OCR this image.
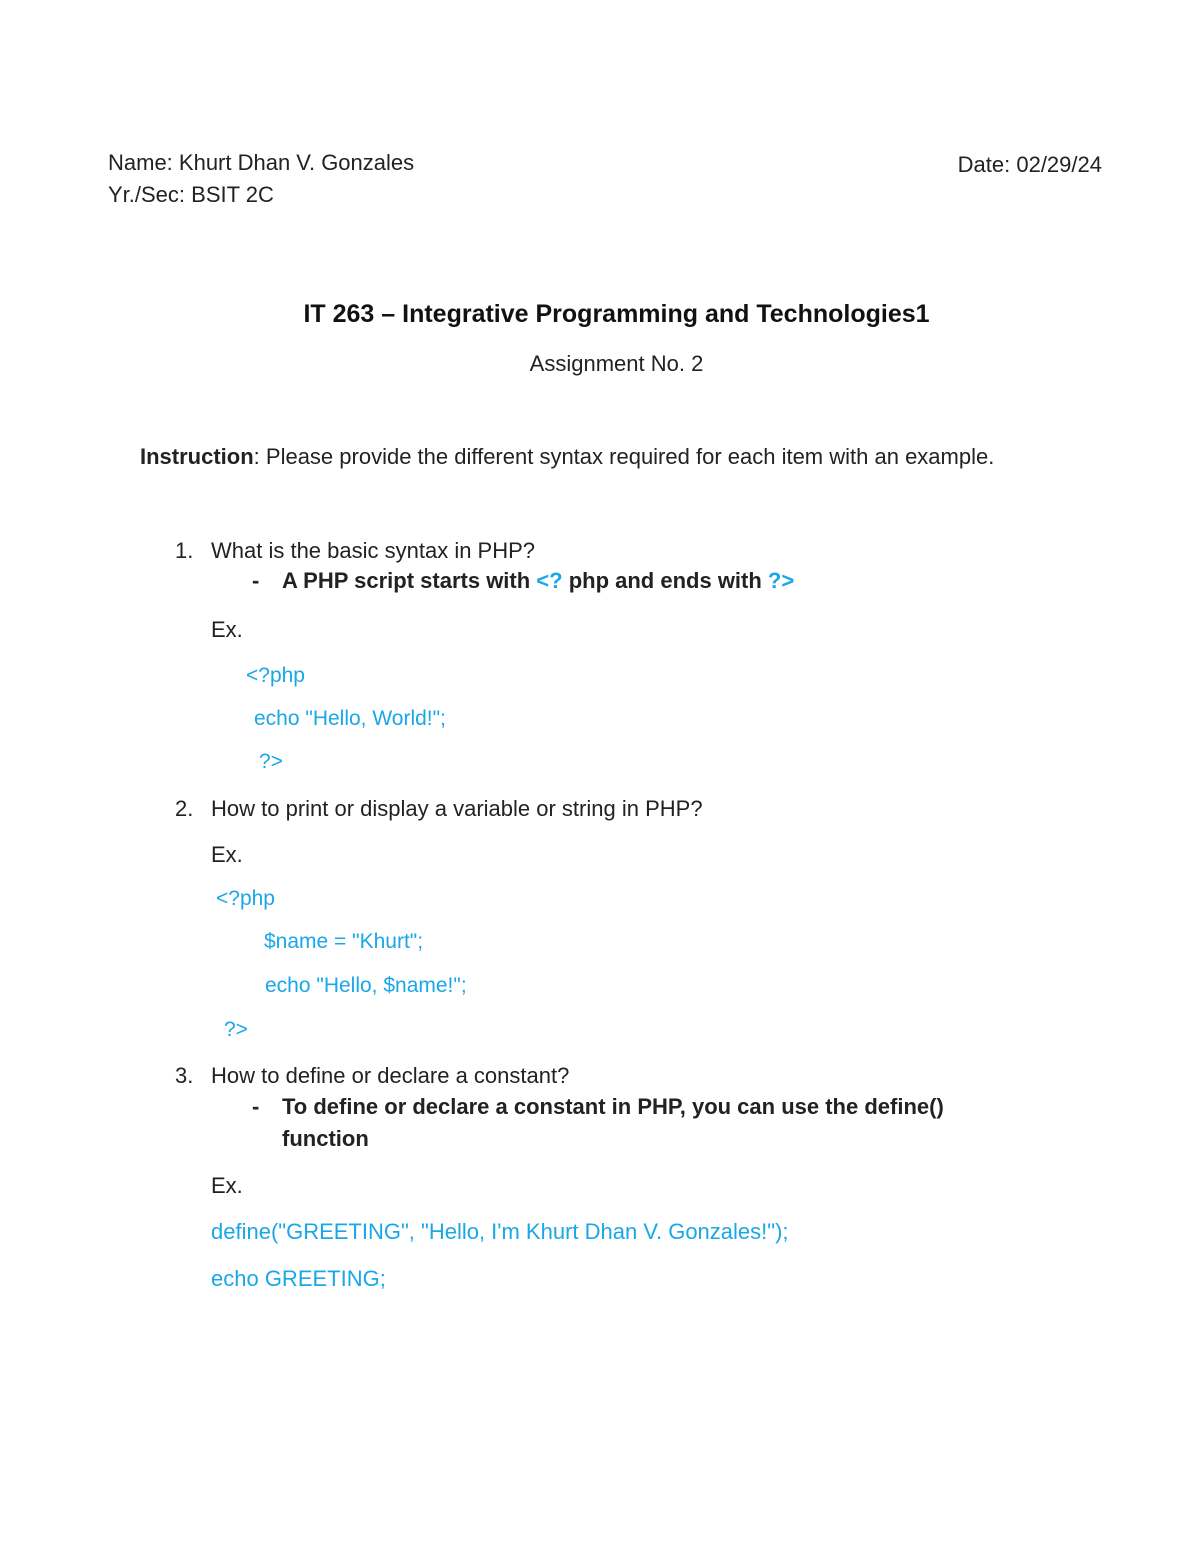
Name: Khurt Dhan V. Gonzales
Yr./Sec: BSIT 2C
Date: 02/29/24
IT 263 – Integrative Programming and Technologies1
Assignment No. 2
Instruction: Please provide the different syntax required for each item with an example.
1. What is the basic syntax in PHP?
- A PHP script starts with <? php and ends with ?>
Ex.
<?php
echo "Hello, World!";
?>
2. How to print or display a variable or string in PHP?
Ex.
<?php
$name = "Khurt";
echo "Hello, $name!";
?>
3. How to define or declare a constant?
- To define or declare a constant in PHP, you can use the define()
function
Ex.
define("GREETING", "Hello, I'm Khurt Dhan V. Gonzales!");
echo GREETING;
